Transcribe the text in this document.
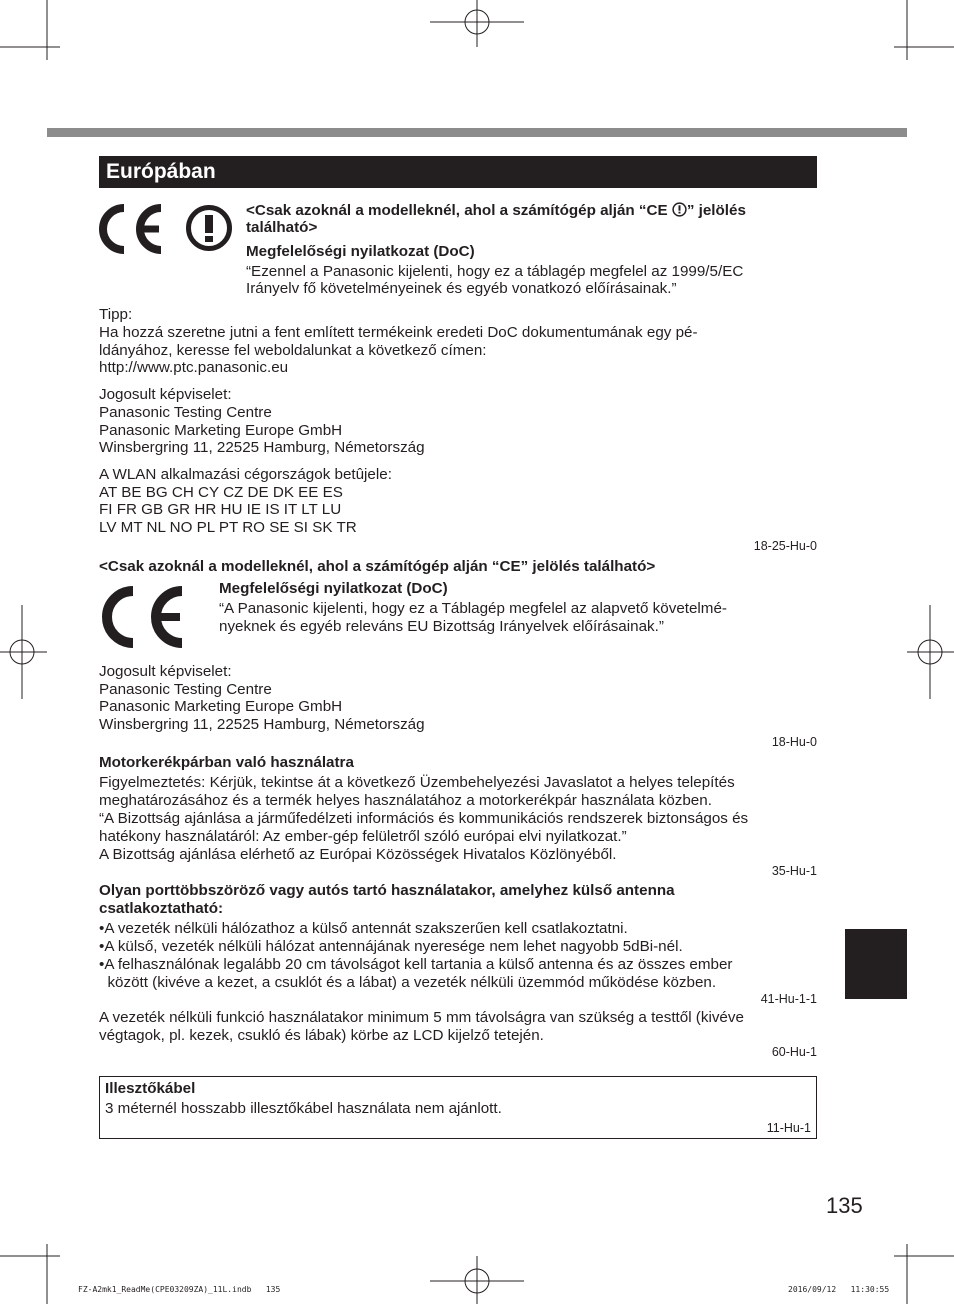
Európában
<Csak azoknál a modelleknél, ahol a számítógép alján “CE ” jelölés
található>
Megfelelőségi nyilatkozat (DoC)
“Ezennel a Panasonic kijelenti, hogy ez a táblagép megfelel az 1999/5/EC
Irányelv fő követelményeinek és egyéb vonatkozó előírásainak.”
Tipp:
Ha hozzá szeretne jutni a fent említett termékeink eredeti DoC dokumentumának egy pé-
ldányához, keresse fel weboldalunkat a következő címen:
http://www.ptc.panasonic.eu
Jogosult képviselet:
Panasonic Testing Centre
Panasonic Marketing Europe GmbH
Winsbergring 11, 22525 Hamburg, Németország
A WLAN alkalmazási cégországok betûjele:
AT BE BG CH CY CZ DE DK EE ES
FI FR GB GR HR HU IE IS IT LT LU
LV MT NL NO PL PT RO SE SI SK TR
18-25-Hu-0
<Csak azoknál a modelleknél, ahol a számítógép alján “CE” jelölés található>
Megfelelőségi nyilatkozat (DoC)
“A Panasonic kijelenti, hogy ez a Táblagép megfelel az alapvető követelmé-
nyeknek és egyéb releváns EU Bizottság Irányelvek előírásainak.”
Jogosult képviselet:
Panasonic Testing Centre
Panasonic Marketing Europe GmbH
Winsbergring 11, 22525 Hamburg, Németország
18-Hu-0
Motorkerékpárban való használatra
Figyelmeztetés: Kérjük, tekintse át a következő Üzembehelyezési Javaslatot a helyes telepítés
meghatározásához és a termék helyes használatához a motorkerékpár használata közben.
“A Bizottság ajánlása a járműfedélzeti információs és kommunikációs rendszerek biztonságos és
hatékony használatáról: Az ember-gép felületről szóló európai elvi nyilatkozat.”
A Bizottság ajánlása elérhető az Európai Közösségek Hivatalos Közlönyéből.
35-Hu-1
Olyan porttöbbszöröző vagy autós tartó használatakor, amelyhez külső antenna
csatlakoztatható:
•A vezeték nélküli hálózathoz a külső antennát szakszerűen kell csatlakoztatni.
•A külső, vezeték nélküli hálózat antennájának nyeresége nem lehet nagyobb 5dBi-nél.
•A felhasználónak legalább 20 cm távolságot kell tartania a külső antenna és az összes ember
között (kivéve a kezet, a csuklót és a lábat) a vezeték nélküli üzemmód működése közben.
41-Hu-1-1
A vezeték nélküli funkció használatakor minimum 5 mm távolságra van szükség a testtől (kivéve
végtagok, pl. kezek, csukló és lábak) körbe az LCD kijelző tetején.
60-Hu-1
Illesztőkábel
3 méternél hosszabb illesztőkábel használata nem ajánlott.
11-Hu-1
135
FZ-A2mk1_ReadMe(CPE03209ZA)_11L.indb   135	2016/09/12   11:30:55
